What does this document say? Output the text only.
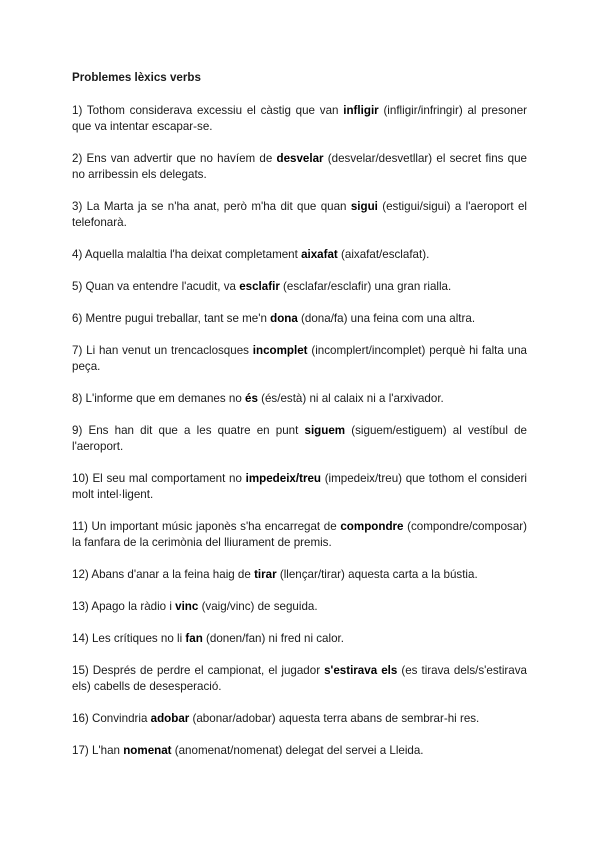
Problemes lèxics verbs

1) Tothom considerava excessiu el càstig que van infligir (infligir/infringir) al presoner que va intentar escapar-se.

2) Ens van advertir que no havíem de desvelar (desvelar/desvetllar) el secret fins que no arribessin els delegats.

3) La Marta ja se n'ha anat, però m'ha dit que quan sigui (estigui/sigui) a l'aeroport el telefonarà.

4) Aquella malaltia l'ha deixat completament aixafat (aixafat/esclafat).

5) Quan va entendre l'acudit, va esclafir (esclafar/esclafir) una gran rialla.

6) Mentre pugui treballar, tant se me'n dona (dona/fa) una feina com una altra.

7) Li han venut un trencaclosques incomplet (incomplert/incomplet) perquè hi falta una peça.

8) L'informe que em demanes no és (és/està) ni al calaix ni a l'arxivador.

9) Ens han dit que a les quatre en punt siguem (siguem/estiguem) al vestíbul de l'aeroport.

10) El seu mal comportament no impedeix/treu (impedeix/treu) que tothom el consideri molt intel·ligent.

11) Un important músic japonès s'ha encarregat de compondre (compondre/composar) la fanfara de la cerimònia del lliurament de premis.

12) Abans d'anar a la feina haig de tirar (llençar/tirar) aquesta carta a la bústia.

13) Apago la ràdio i vinc (vaig/vinc) de seguida.

14) Les crítiques no li fan (donen/fan) ni fred ni calor.

15) Després de perdre el campionat, el jugador s'estirava els (es tirava dels/s'estirava els) cabells de desesperació.

16) Convindria adobar (abonar/adobar) aquesta terra abans de sembrar-hi res.

17) L'han nomenat (anomenat/nomenat) delegat del servei a Lleida.
